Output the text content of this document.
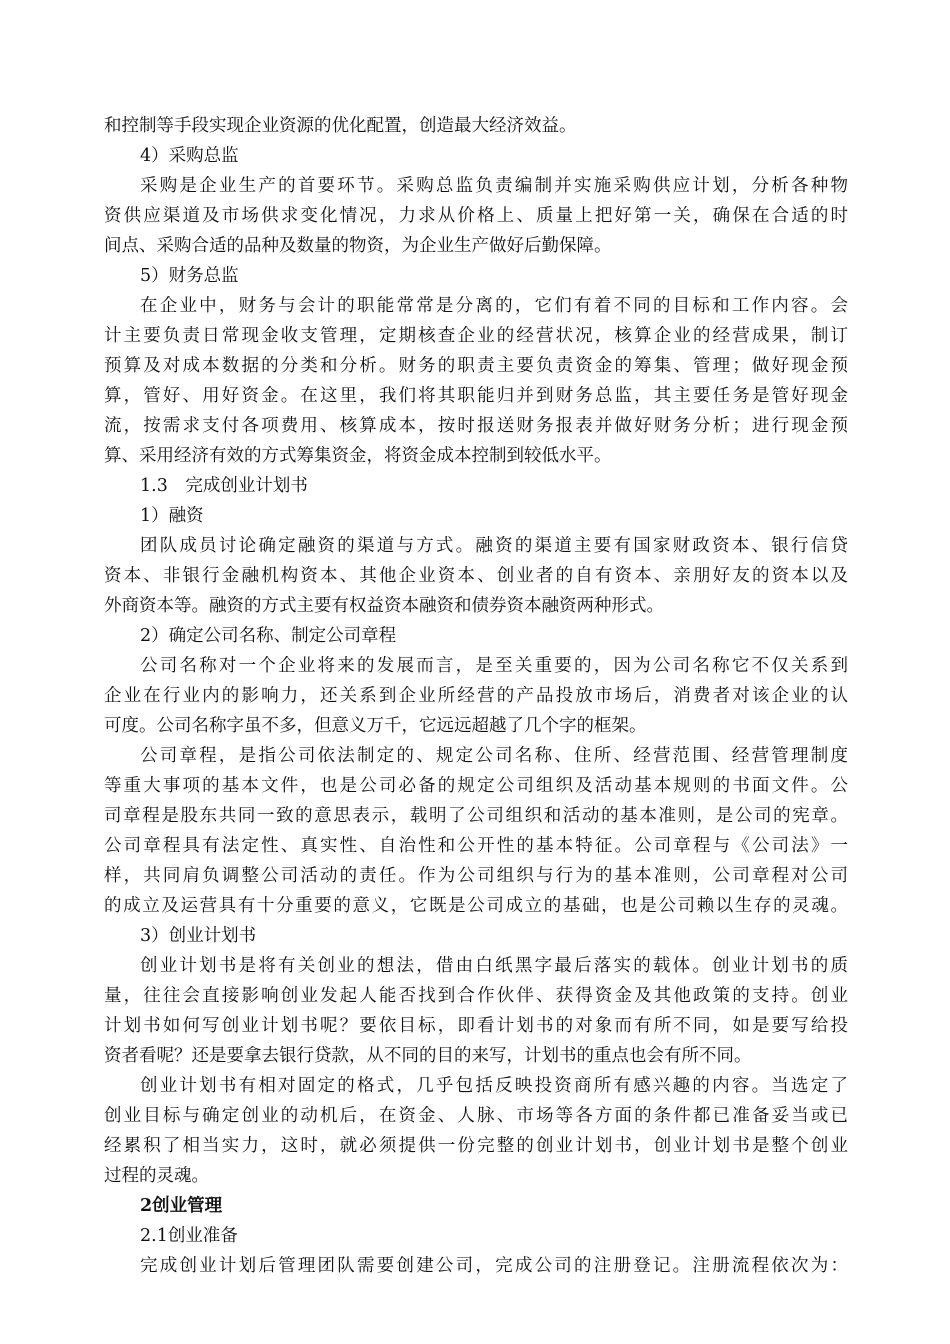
和控制等手段实现企业资源的优化配置，创造最大经济效益。
4）采购总监
采购是企业生产的首要环节。采购总监负责编制并实施采购供应计划，分析各种物
资供应渠道及市场供求变化情况，力求从价格上、质量上把好第一关，确保在合适的时
间点、采购合适的品种及数量的物资，为企业生产做好后勤保障。
5）财务总监
在企业中，财务与会计的职能常常是分离的，它们有着不同的目标和工作内容。会
计主要负责日常现金收支管理，定期核查企业的经营状况，核算企业的经营成果，制订
预算及对成本数据的分类和分析。财务的职责主要负责资金的筹集、管理；做好现金预
算，管好、用好资金。在这里，我们将其职能归并到财务总监，其主要任务是管好现金
流，按需求支付各项费用、核算成本，按时报送财务报表并做好财务分析；进行现金预
算、采用经济有效的方式筹集资金，将资金成本控制到较低水平。
1.3　完成创业计划书
1）融资
团队成员讨论确定融资的渠道与方式。融资的渠道主要有国家财政资本、银行信贷
资本、非银行金融机构资本、其他企业资本、创业者的自有资本、亲朋好友的资本以及
外商资本等。融资的方式主要有权益资本融资和债券资本融资两种形式。
2）确定公司名称、制定公司章程
公司名称对一个企业将来的发展而言，是至关重要的，因为公司名称它不仅关系到
企业在行业内的影响力，还关系到企业所经营的产品投放市场后，消费者对该企业的认
可度。公司名称字虽不多，但意义万千，它远远超越了几个字的框架。
公司章程，是指公司依法制定的、规定公司名称、住所、经营范围、经营管理制度
等重大事项的基本文件，也是公司必备的规定公司组织及活动基本规则的书面文件。公
司章程是股东共同一致的意思表示，载明了公司组织和活动的基本准则，是公司的宪章。
公司章程具有法定性、真实性、自治性和公开性的基本特征。公司章程与《公司法》一
样，共同肩负调整公司活动的责任。作为公司组织与行为的基本准则，公司章程对公司
的成立及运营具有十分重要的意义，它既是公司成立的基础，也是公司赖以生存的灵魂。
3）创业计划书
创业计划书是将有关创业的想法，借由白纸黑字最后落实的载体。创业计划书的质
量，往往会直接影响创业发起人能否找到合作伙伴、获得资金及其他政策的支持。创业
计划书如何写创业计划书呢？要依目标，即看计划书的对象而有所不同，如是要写给投
资者看呢？还是要拿去银行贷款，从不同的目的来写，计划书的重点也会有所不同。
创业计划书有相对固定的格式，几乎包括反映投资商所有感兴趣的内容。当选定了
创业目标与确定创业的动机后，在资金、人脉、市场等各方面的条件都已准备妥当或已
经累积了相当实力，这时，就必须提供一份完整的创业计划书，创业计划书是整个创业
过程的灵魂。
2创业管理
2.1创业准备
完成创业计划后管理团队需要创建公司，完成公司的注册登记。注册流程依次为：
